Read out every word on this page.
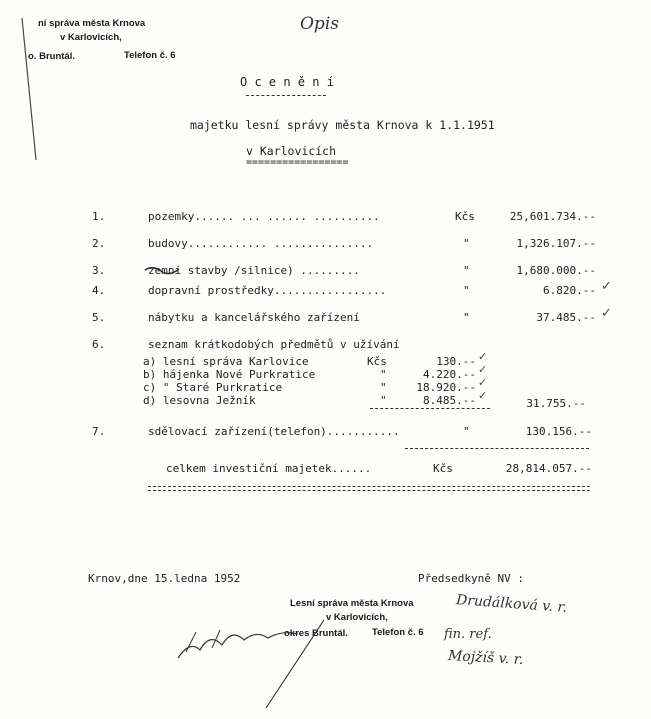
ní správa města Krnova
v Karlovicích,
o. Bruntál.	Telefon č. 6
Opis
O c e n ě n í
majetku lesní správy města Krnova k 1.1.1951
v Karlovicích
=================
1.	pozemky...... ... ...... ..........	Kčs	25,601.734.--
2.	budovy............ ...............	"	1,326.107.--
3.	zemní stavby /silnice) .........	"	1,680.000.--
4.	dopravní prostředky.................	"	6.820.-- ✓
5.	nábytku a kancelářského zařízení	"	37.485.-- ✓
6.	seznam krátkodobých předmětů v užívání
a) lesní správa Karlovice	Kčs	130.-- ✓
b) hájenka Nové Purkratice	"	4.220.-- ✓
c) " Staré Purkratice	"	18.920.-- ✓
d) lesovna Ježník	"	8.485.-- ✓
31.755.--
7.	sdělovací zařízení(telefon)...........	"	130.156.--
celkem investiční majetek......	Kčs	28,814.057.--
Krnov,dne 15.ledna 1952	Předsedkyně NV :
Lesní správa města Krnova
v Karlovicích,
okres Bruntál.	Telefon č. 6
Drudálková v. r.
fin. ref.
Mojžíš v. r.
